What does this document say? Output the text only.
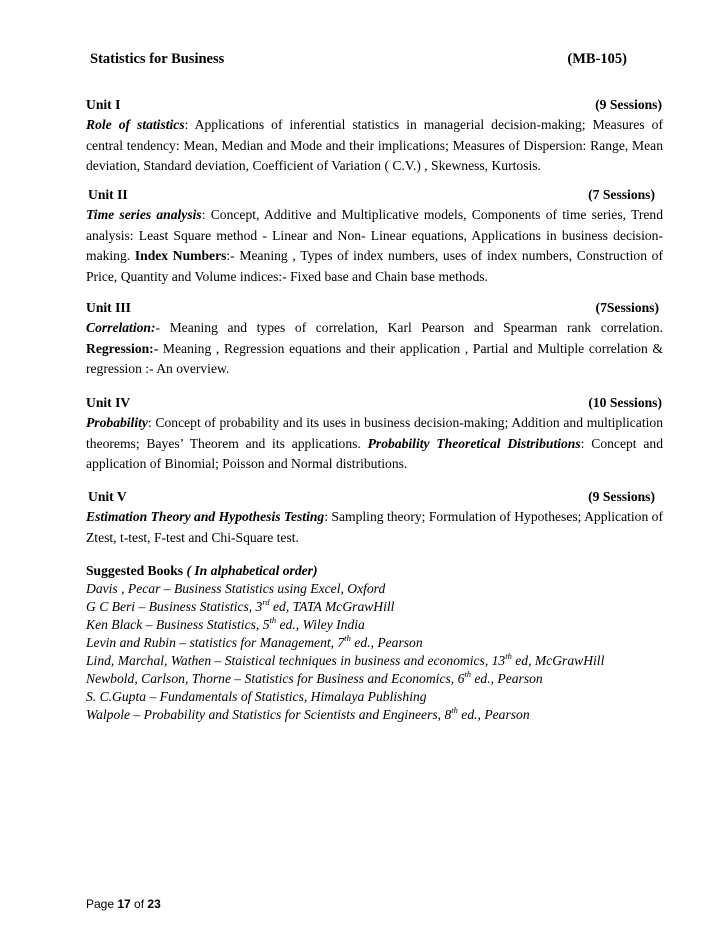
Statistics for Business	(MB-105)
Unit I	(9 Sessions)

Role of statistics: Applications of inferential statistics in managerial decision-making; Measures of central tendency: Mean, Median and Mode and their implications; Measures of Dispersion: Range, Mean deviation, Standard deviation, Coefficient of Variation ( C.V.) , Skewness, Kurtosis.

Unit II	(7 Sessions)

Time series analysis: Concept, Additive and Multiplicative models, Components of time series, Trend analysis: Least Square method - Linear and Non- Linear equations, Applications in business decision-making. Index Numbers:- Meaning , Types of index numbers, uses of index numbers, Construction of Price, Quantity and Volume indices:- Fixed base and Chain base methods.

Unit III	(7Sessions)

Correlation:- Meaning and types of correlation, Karl Pearson and Spearman rank correlation. Regression:- Meaning , Regression equations and their application , Partial and Multiple correlation & regression :- An overview.

Unit IV	(10 Sessions)

Probability: Concept of probability and its uses in business decision-making; Addition and multiplication theorems; Bayes’ Theorem and its applications. Probability Theoretical Distributions: Concept and application of Binomial; Poisson and Normal distributions.

Unit V	(9 Sessions)

Estimation Theory and Hypothesis Testing: Sampling theory; Formulation of Hypotheses; Application of Ztest, t-test, F-test and Chi-Square test.

Suggested Books ( In alphabetical order)
Davis , Pecar – Business Statistics using Excel, Oxford
G C Beri – Business Statistics, 3rd ed, TATA McGrawHill
Ken Black – Business Statistics, 5th ed., Wiley India
Levin and Rubin – statistics for Management, 7th ed., Pearson
Lind, Marchal, Wathen – Staistical techniques in business and economics, 13th ed, McGrawHill
Newbold, Carlson, Thorne – Statistics for Business and Economics, 6th ed., Pearson
S. C.Gupta – Fundamentals of Statistics, Himalaya Publishing
Walpole – Probability and Statistics for Scientists and Engineers, 8th ed., Pearson
Page 17 of 23
